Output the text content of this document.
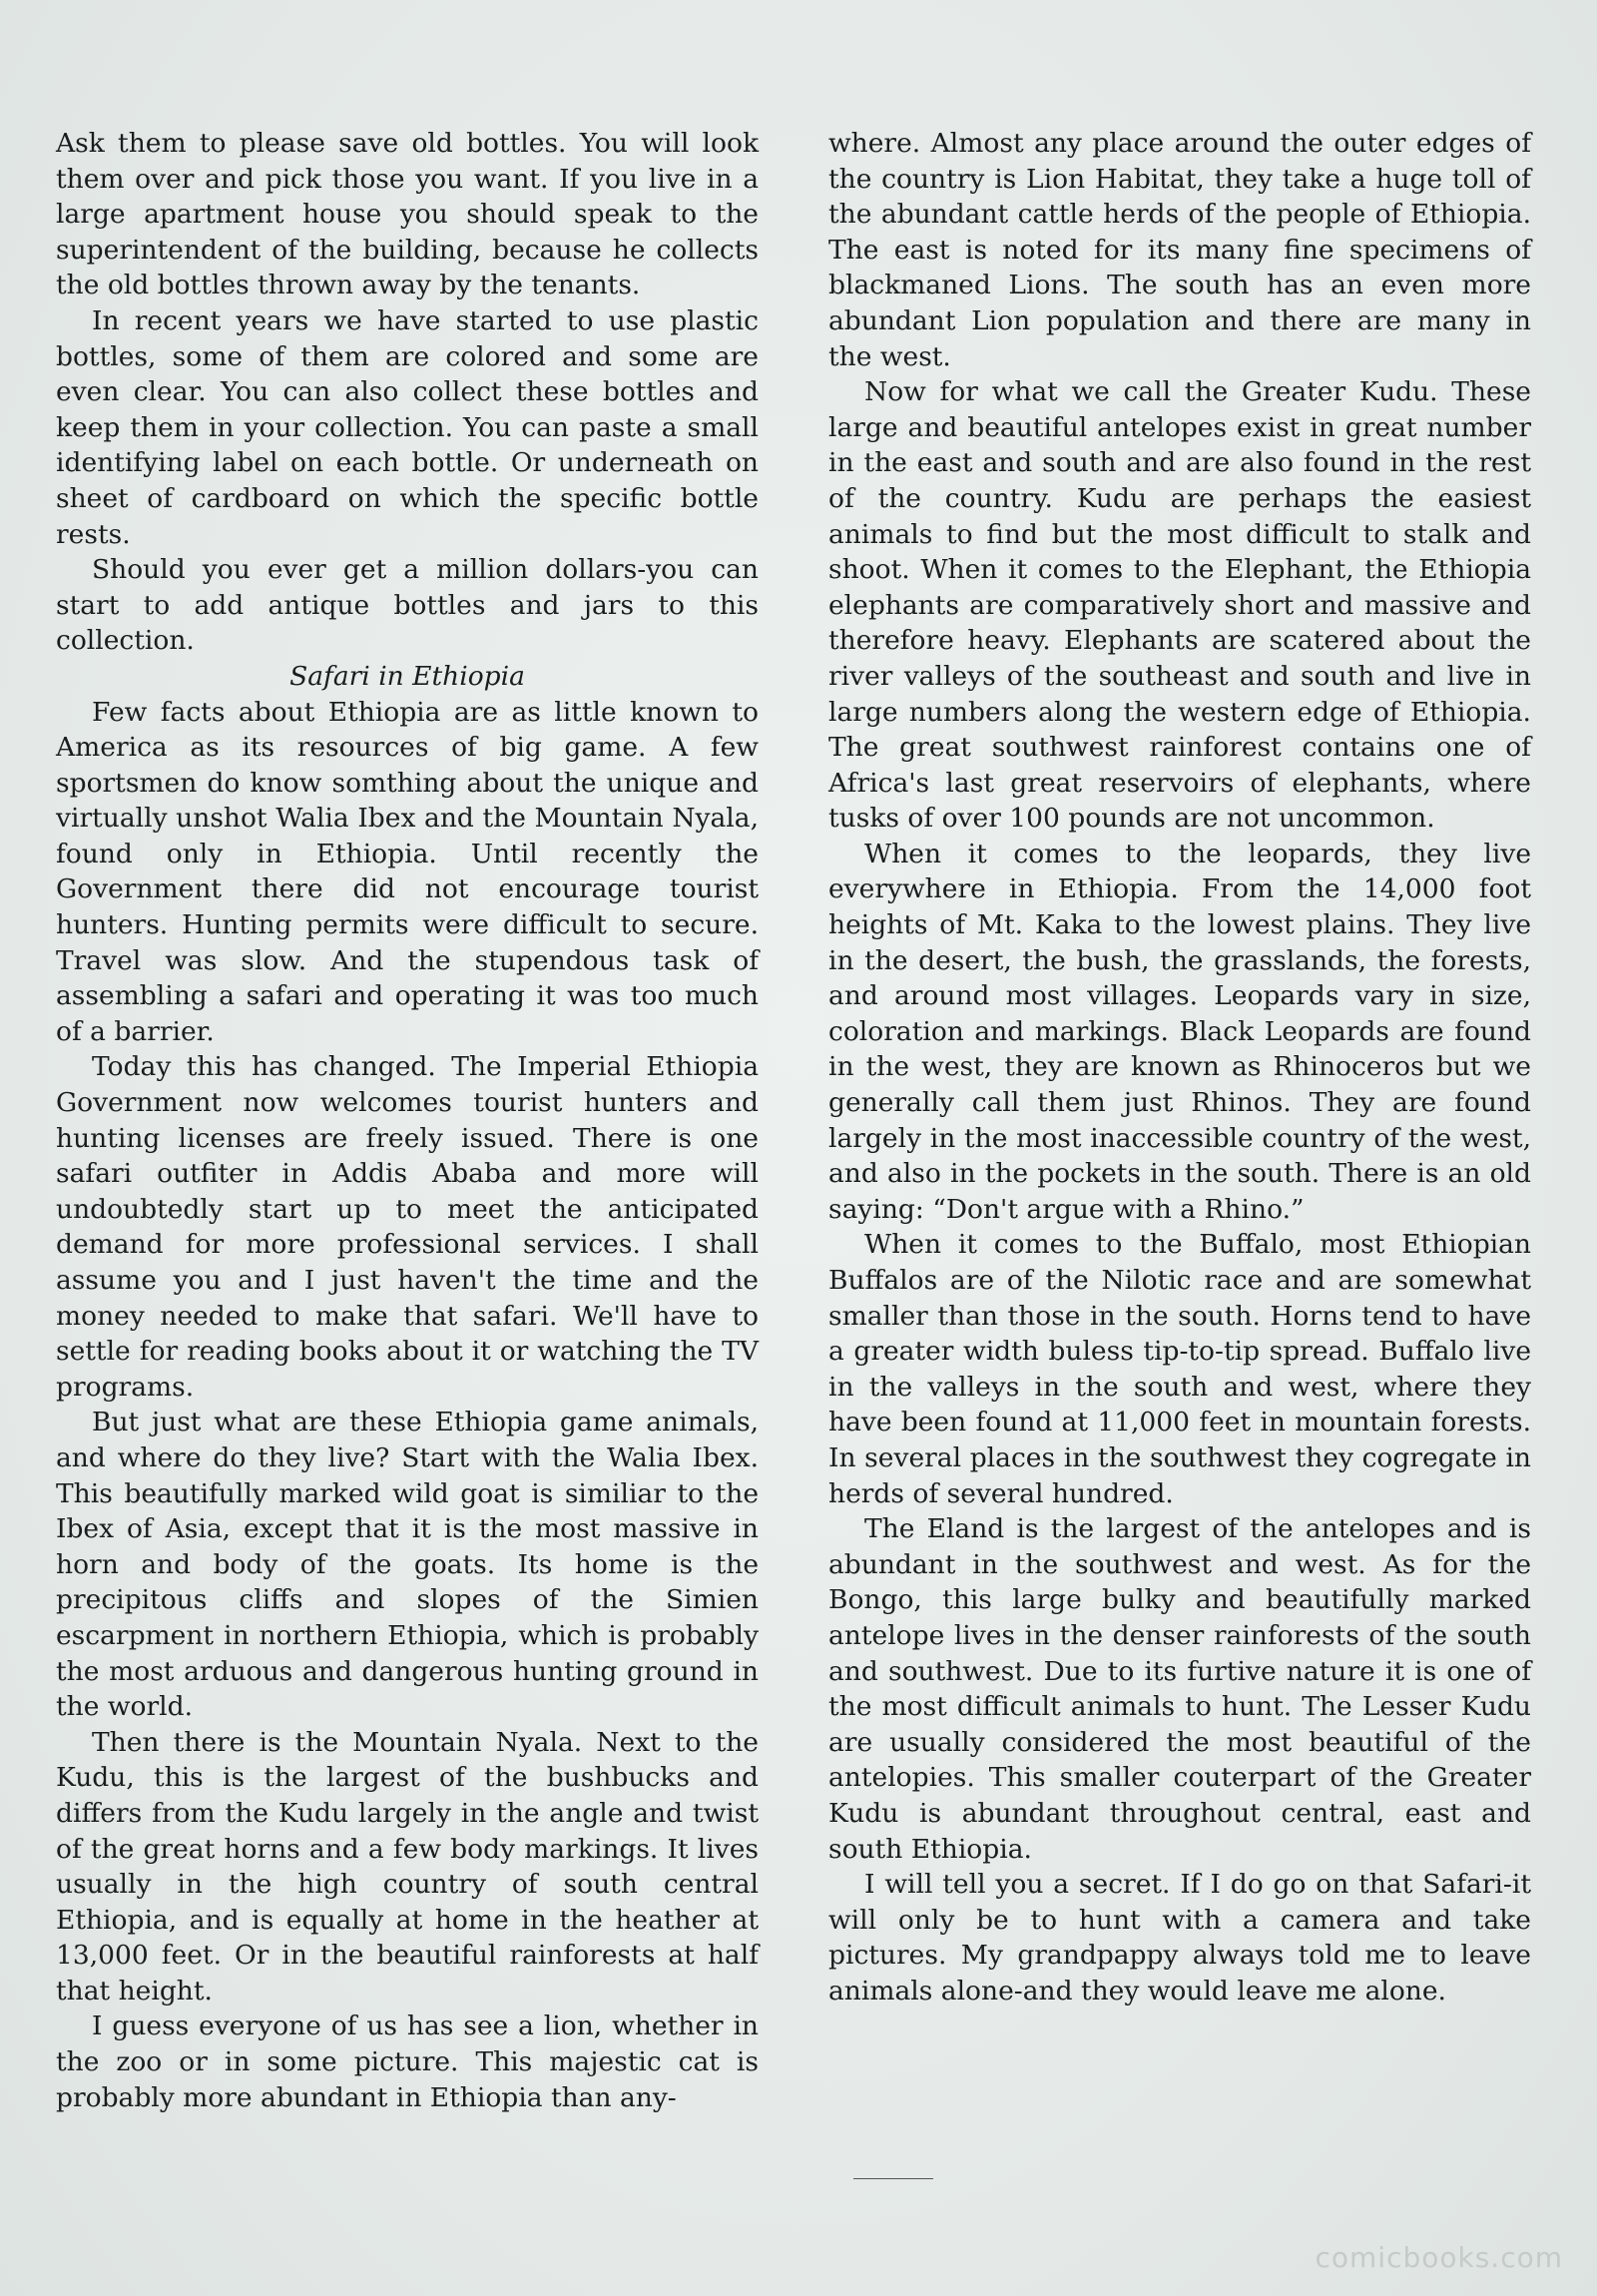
Ask them to please save old bottles. You will look them over and pick those you want. If you live in a large apartment house you should speak to the superintendent of the building, because he collects the old bottles thrown away by the tenants.

In recent years we have started to use plastic bottles, some of them are colored and some are even clear. You can also collect these bottles and keep them in your collection. You can paste a small identifying label on each bottle. Or underneath on sheet of cardboard on which the specific bottle rests.

Should you ever get a million dollars-you can start to add antique bottles and jars to this collection.

Safari in Ethiopia

Few facts about Ethiopia are as little known to America as its resources of big game. A few sportsmen do know somthing about the unique and virtually unshot Walia Ibex and the Mountain Nyala, found only in Ethiopia. Until recently the Government there did not encourage tourist hunters. Hunting permits were difficult to secure. Travel was slow. And the stupendous task of assembling a safari and operating it was too much of a barrier.

Today this has changed. The Imperial Ethiopia Government now welcomes tourist hunters and hunting licenses are freely issued. There is one safari outfiter in Addis Ababa and more will undoubtedly start up to meet the anticipated demand for more professional services. I shall assume you and I just haven't the time and the money needed to make that safari. We'll have to settle for reading books about it or watching the TV programs.

But just what are these Ethiopia game animals, and where do they live? Start with the Walia Ibex. This beautifully marked wild goat is similiar to the Ibex of Asia, except that it is the most massive in horn and body of the goats. Its home is the precipitous cliffs and slopes of the Simien escarpment in northern Ethiopia, which is probably the most arduous and dangerous hunting ground in the world.

Then there is the Mountain Nyala. Next to the Kudu, this is the largest of the bushbucks and differs from the Kudu largely in the angle and twist of the great horns and a few body markings. It lives usually in the high country of south central Ethiopia, and is equally at home in the heather at 13,000 feet. Or in the beautiful rainforests at half that height.

I guess everyone of us has see a lion, whether in the zoo or in some picture. This majestic cat is probably more abundant in Ethiopia than any-

where. Almost any place around the outer edges of the country is Lion Habitat, they take a huge toll of the abundant cattle herds of the people of Ethiopia. The east is noted for its many fine specimens of blackmaned Lions. The south has an even more abundant Lion population and there are many in the west.

Now for what we call the Greater Kudu. These large and beautiful antelopes exist in great number in the east and south and are also found in the rest of the country. Kudu are perhaps the easiest animals to find but the most difficult to stalk and shoot. When it comes to the Elephant, the Ethiopia elephants are comparatively short and massive and therefore heavy. Elephants are scatered about the river valleys of the southeast and south and live in large numbers along the western edge of Ethiopia. The great southwest rainforest contains one of Africa's last great reservoirs of elephants, where tusks of over 100 pounds are not uncommon.

When it comes to the leopards, they live everywhere in Ethiopia. From the 14,000 foot heights of Mt. Kaka to the lowest plains. They live in the desert, the bush, the grasslands, the forests, and around most villages. Leopards vary in size, coloration and markings. Black Leopards are found in the west, they are known as Rhinoceros but we generally call them just Rhinos. They are found largely in the most inaccessible country of the west, and also in the pockets in the south. There is an old saying: “Don't argue with a Rhino.”

When it comes to the Buffalo, most Ethiopian Buffalos are of the Nilotic race and are somewhat smaller than those in the south. Horns tend to have a greater width buless tip-to-tip spread. Buffalo live in the valleys in the south and west, where they have been found at 11,000 feet in mountain forests. In several places in the southwest they cogregate in herds of several hundred.

The Eland is the largest of the antelopes and is abundant in the southwest and west. As for the Bongo, this large bulky and beautifully marked antelope lives in the denser rainforests of the south and southwest. Due to its furtive nature it is one of the most difficult animals to hunt. The Lesser Kudu are usually considered the most beautiful of the antelopies. This smaller couterpart of the Greater Kudu is abundant throughout central, east and south Ethiopia.

I will tell you a secret. If I do go on that Safari-it will only be to hunt with a camera and take pictures. My grandpappy always told me to leave animals alone-and they would leave me alone.

comicbooks.com
